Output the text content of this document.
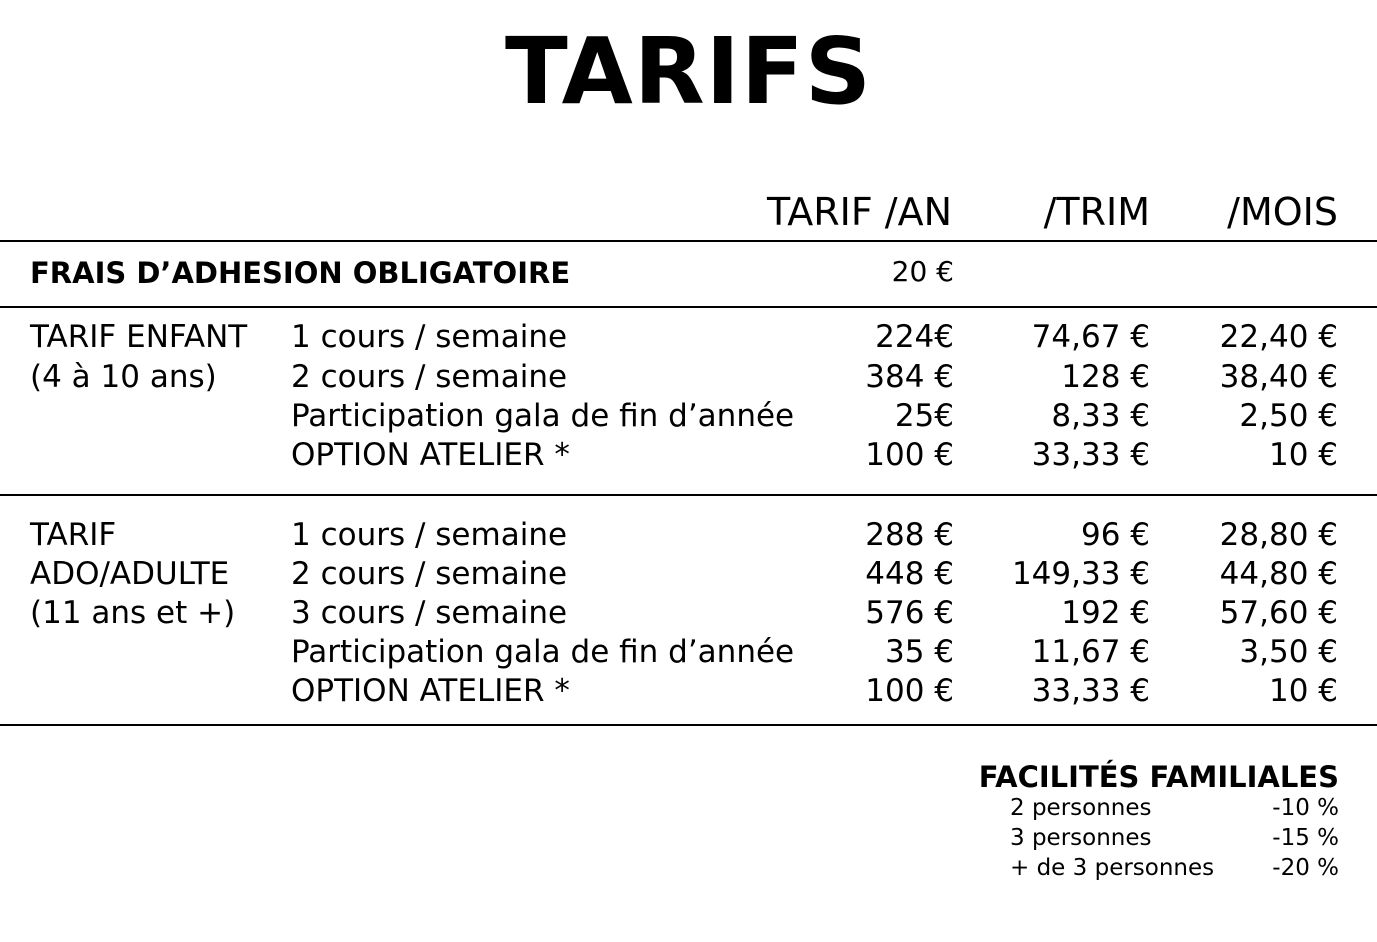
TARIFS
TARIF /AN	/TRIM	/MOIS
FRAIS D’ADHESION OBLIGATOIRE	20 €
TARIF ENFANT
(4 à 10 ans)
1 cours / semaine	224€	74,67 €	22,40 €
2 cours / semaine	384 €	128 €	38,40 €
Participation gala de fin d’année	25€	8,33 €	2,50 €
OPTION ATELIER *	100 €	33,33 €	10 €
TARIF
ADO/ADULTE
(11 ans et +)
1 cours / semaine	288 €	96 €	28,80 €
2 cours / semaine	448 €	149,33 €	44,80 €
3 cours / semaine	576 €	192 €	57,60 €
Participation gala de fin d’année	35 €	11,67 €	3,50 €
OPTION ATELIER *	100 €	33,33 €	10 €
FACILITÉS FAMILIALES
2 personnes	-10 %
3 personnes	-15 %
+ de 3 personnes	-20 %
